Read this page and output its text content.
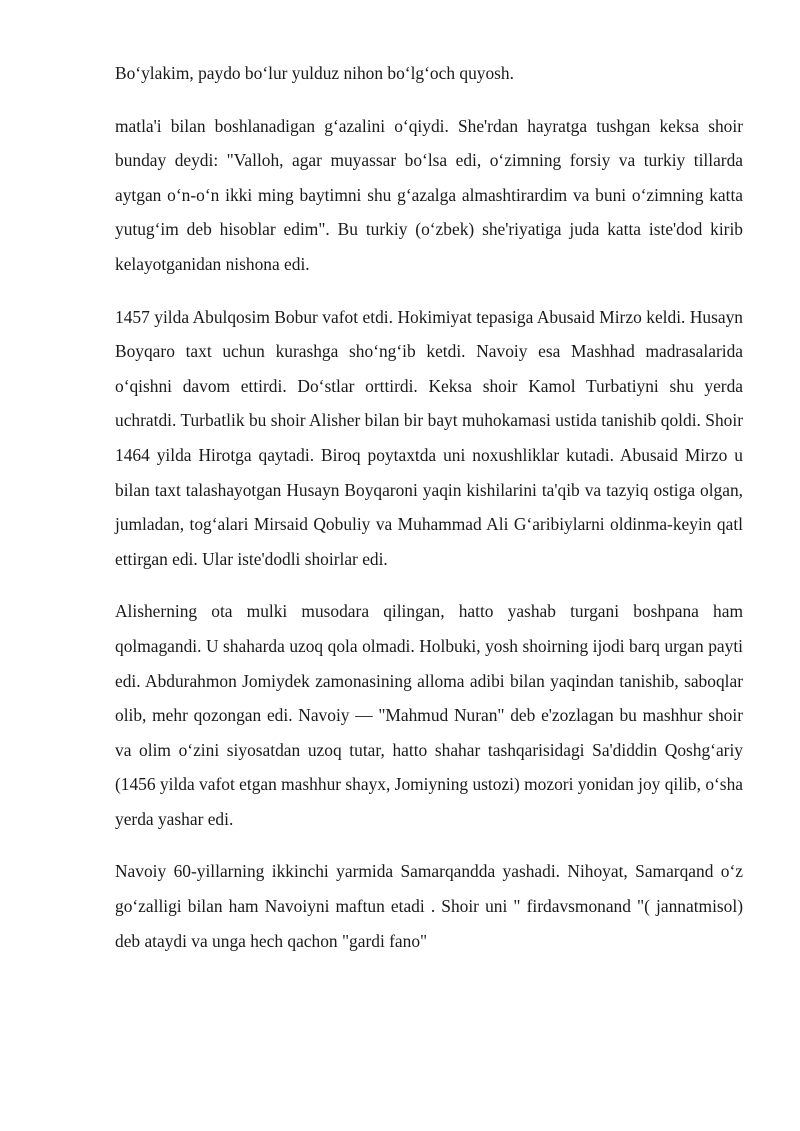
Bo‘ylakim, paydo bo‘lur yulduz nihon bo‘lg‘och quyosh.

matla'i bilan boshlanadigan g‘azalini o‘qiydi. She'rdan hayratga tushgan keksa shoir bunday deydi: "Valloh, agar muyassar bo‘lsa edi, o‘zimning forsiy va turkiy tillarda aytgan o‘n-o‘n ikki ming baytimni shu g‘azalga almashtirardim va buni o‘zimning katta yutug‘im deb hisoblar edim". Bu turkiy (o‘zbek) she'riyatiga juda katta iste'dod kirib kelayotganidan nishona edi.

1457 yilda Abulqosim Bobur vafot etdi. Hokimiyat tepasiga Abusaid Mirzo keldi. Husayn Boyqaro taxt uchun kurashga sho‘ng‘ib ketdi. Navoiy esa Mashhad madrasalarida o‘qishni davom ettirdi. Do‘stlar orttirdi. Keksa shoir Kamol Turbatiyni shu yerda uchratdi. Turbatlik bu shoir Alisher bilan bir bayt muhokamasi ustida tanishib qoldi. Shoir 1464 yilda Hirotga qaytadi. Biroq poytaxtda uni noxushliklar kutadi. Abusaid Mirzo u bilan taxt talashayotgan Husayn Boyqaroni yaqin kishilarini ta'qib va tazyiq ostiga olgan, jumladan, tog‘alari Mirsaid Qobuliy va Muhammad Ali G‘aribiylarni oldinma-keyin qatl ettirgan edi. Ular iste'dodli shoirlar edi.

Alisherning ota mulki musodara qilingan, hatto yashab turgani boshpana ham qolmagandi. U shaharda uzoq qola olmadi. Holbuki, yosh shoirning ijodi barq urgan payti edi. Abdurahmon Jomiydek zamonasining alloma adibi bilan yaqindan tanishib, saboqlar olib, mehr qozongan edi. Navoiy — "Mahmud Nuran" deb e'zozlagan bu mashhur shoir va olim o‘zini siyosatdan uzoq tutar, hatto shahar tashqarisidagi Sa'diddin Qoshg‘ariy (1456 yilda vafot etgan mashhur shayx, Jomiyning ustozi) mozori yonidan joy qilib, o‘sha yerda yashar edi.

Navoiy 60-yillarning ikkinchi yarmida Samarqandda yashadi. Nihoyat, Samarqand o‘z go‘zalligi bilan ham Navoiyni maftun etadi . Shoir uni " firdavsmonand "( jannatmisol) deb ataydi va unga hech qachon "gardi fano"
